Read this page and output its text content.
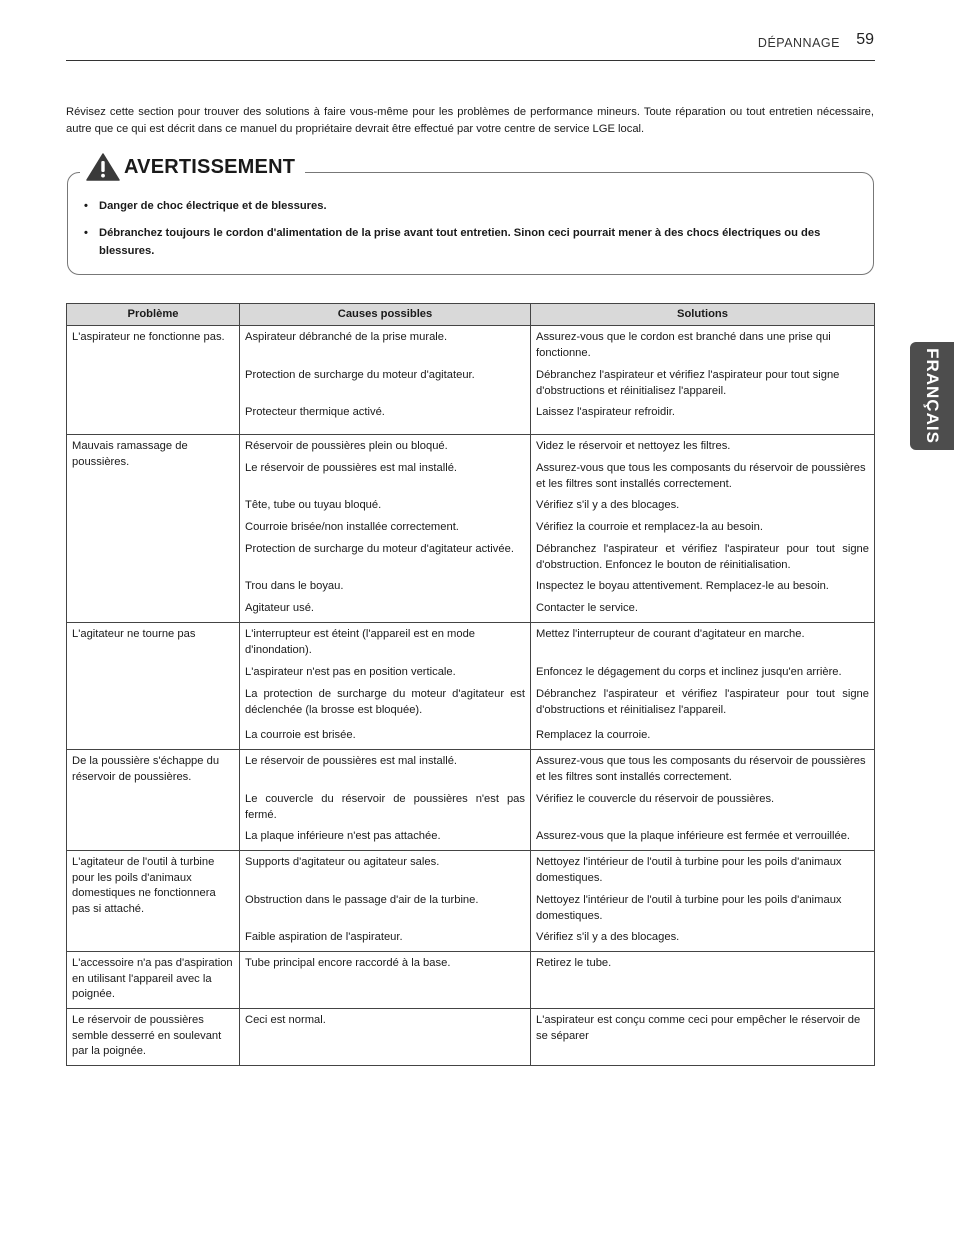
DÉPANNAGE 59

Révisez cette section pour trouver des solutions à faire vous-même pour les problèmes de performance mineurs. Toute réparation ou tout entretien nécessaire, autre que ce qui est décrit dans ce manuel du propriétaire devrait être effectué par votre centre de service LGE local.

AVERTISSEMENT
• Danger de choc électrique et de blessures.
• Débranchez toujours le cordon d'alimentation de la prise avant tout entretien. Sinon ceci pourrait mener à des chocs électriques ou des blessures.
FRANÇAIS
Problème	Causes possibles	Solutions
L'aspirateur ne fonctionne pas.	Aspirateur débranché de la prise murale.	Assurez-vous que le cordon est branché dans une prise qui fonctionne.
	Protection de surcharge du moteur d'agitateur.	Débranchez l'aspirateur et vérifiez l'aspirateur pour tout signe d'obstructions et réinitialisez l'appareil.
	Protecteur thermique activé.	Laissez l'aspirateur refroidir.
Mauvais ramassage de poussières.	Réservoir de poussières plein ou bloqué.	Videz le réservoir et nettoyez les filtres.
	Le réservoir de poussières est mal installé.	Assurez-vous que tous les composants du réservoir de poussières et les filtres sont installés correctement.
	Tête, tube ou tuyau bloqué.	Vérifiez s'il y a des blocages.
	Courroie brisée/non installée correctement.	Vérifiez la courroie et remplacez-la au besoin.
	Protection de surcharge du moteur d'agitateur activée.	Débranchez l'aspirateur et vérifiez l'aspirateur pour tout signe d'obstruction. Enfoncez le bouton de réinitialisation.
	Trou dans le boyau.	Inspectez le boyau attentivement. Remplacez-le au besoin.
	Agitateur usé.	Contacter le service.
L'agitateur ne tourne pas	L'interrupteur est éteint (l'appareil est en mode d'inondation).	Mettez l'interrupteur de courant d'agitateur en marche.
	L'aspirateur n'est pas en position verticale.	Enfoncez le dégagement du corps et inclinez jusqu'en arrière.
	La protection de surcharge du moteur d'agitateur est déclenchée (la brosse est bloquée).	Débranchez l'aspirateur et vérifiez l'aspirateur pour tout signe d'obstructions et réinitialisez l'appareil.
	La courroie est brisée.	Remplacez la courroie.
De la poussière s'échappe du réservoir de poussières.	Le réservoir de poussières est mal installé.	Assurez-vous que tous les composants du réservoir de poussières et les filtres sont installés correctement.
	Le couvercle du réservoir de poussières n'est pas fermé.	Vérifiez le couvercle du réservoir de poussières.
	La plaque inférieure n'est pas attachée.	Assurez-vous que la plaque inférieure est fermée et verrouillée.
L'agitateur de l'outil à turbine pour les poils d'animaux domestiques ne fonctionnera pas si attaché.	Supports d'agitateur ou agitateur sales.	Nettoyez l'intérieur de l'outil à turbine pour les poils d'animaux domestiques.
	Obstruction dans le passage d'air de la turbine.	Nettoyez l'intérieur de l'outil à turbine pour les poils d'animaux domestiques.
	Faible aspiration de l'aspirateur.	Vérifiez s'il y a des blocages.
L'accessoire n'a pas d'aspiration en utilisant l'appareil avec la poignée.	Tube principal encore raccordé à la base.	Retirez le tube.
Le réservoir de poussières semble desserré en soulevant par la poignée.	Ceci est normal.	L'aspirateur est conçu comme ceci pour empêcher le réservoir de se séparer
